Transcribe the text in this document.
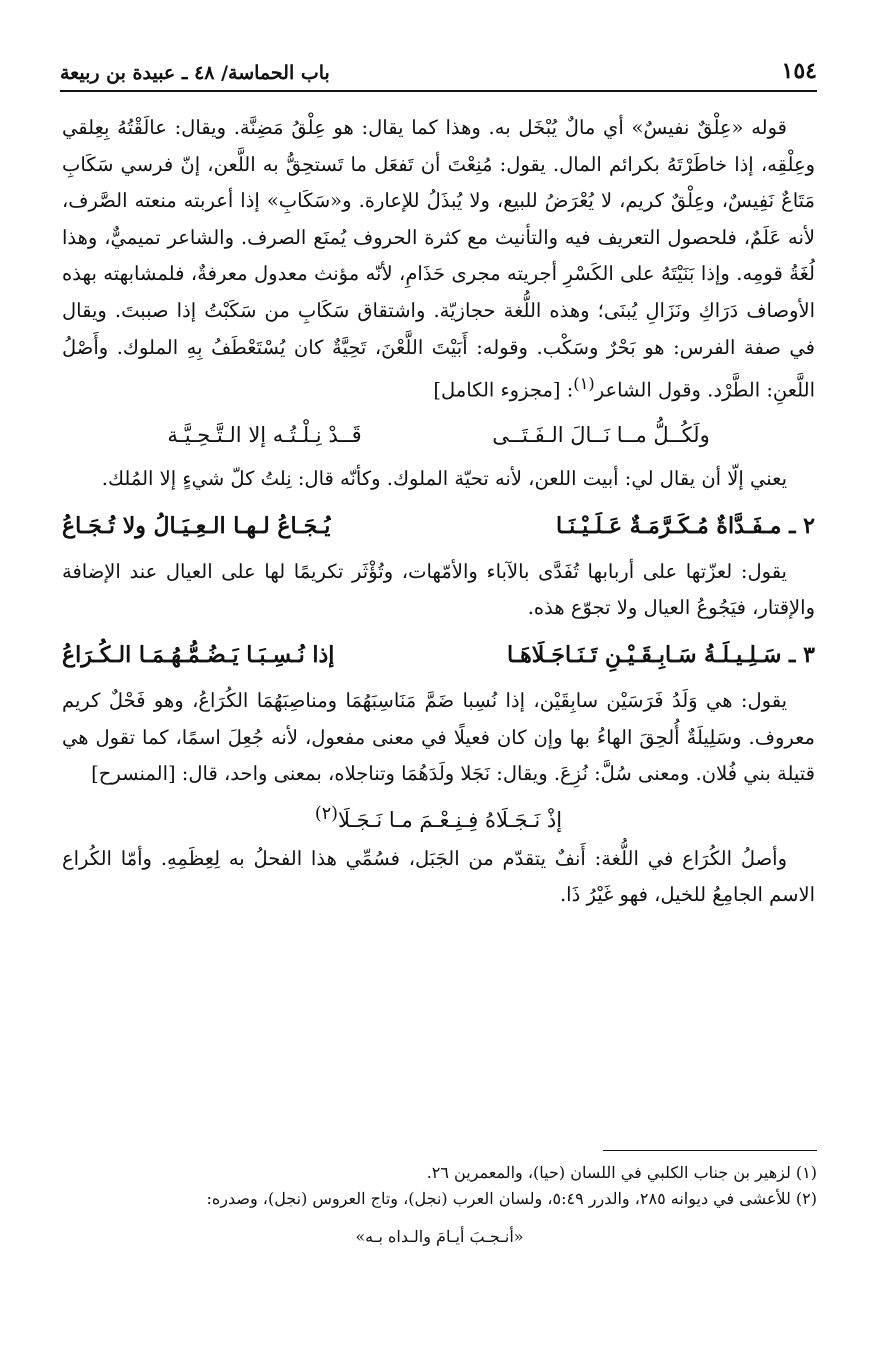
١٥٤
باب الحماسة/ ٤٨ ـ عبيدة بن ربيعة

قوله «عِلْقٌ نفيسٌ» أي مالٌ يُبْخَل به. وهذا كما يقال: هو عِلْقُ مَضِنَّة. ويقال: عالَقْتُهُ بِعِلقي وعِلْقِه، إذا خاطَرْتَهُ بكرائم المال. يقول: مُنِعْتَ أن تَفعَل ما تَستحِقُّ به اللَّعن، إنّ فرسي سَكَابِ مَتَاعٌ نَفِيسٌ، وعِلْقٌ كريم، لا يُعْرَضُ للبيع، ولا يُبذَلُ للإعارة. و«سَكَابِ» إذا أعربته منعته الصَّرف، لأنه عَلَمٌ، فلحصول التعريف فيه والتأنيث مع كثرة الحروف يُمنَع الصرف. والشاعر تميميٌّ، وهذا لُغَةُ قومِه. وإذا بَنَيْتَهُ على الكَسْرِ أجريته مجرى حَذَامِ، لأنّه مؤنث معدول معرفةٌ، فلمشابهته بهذه الأوصاف دَرَاكِ ونَزَالِ يُبنَى؛ وهذه اللُّغة حجازيّة. واشتقاق سَكَابِ من سَكَبْتُ إذا صببتَ. ويقال في صفة الفرس: هو بَحْرٌ وسَكْب. وقوله: أَبَيْتَ اللَّعْنَ، تَحِيَّةٌ كان يُسْتَعْطَفُ بِهِ الملوك. وأَصْلُ اللَّعنِ: الطَّرْد. وقول الشاعر$^{(١)}$: [مجزوء الكامل]

ولَكُــلُّ مــا نَــالَ الـفَـتَــى
قَــدْ نِـلْـتُـه إلا الـتَّـحِـيَّـة

يعني إلّا أن يقال لي: أبيت اللعن، لأنه تحيّة الملوك. وكأنّه قال: نِلتُ كلّ شيءٍ إلا المُلك.

٢ ـ مـفَـدَّاةٌ مُـكَـرَّمَـةٌ عَـلَـيْـنَـا
يُـجَـاعُ لـهـا الـعِـيَـالُ ولا تُـجَـاعُ

يقول: لعزّتها على أربابها تُفَدَّى بالآباء والأمّهات، وتُؤْثَر تكريمًا لها على العيال عند الإضافة والإقتار، فيَجُوعُ العيال ولا تجوّع هذه.

٣ ـ سَـلِـيـلَـةُ سَـابِـقَـيْـنِ تَـنَـاجَـلَاهَـا
إذا نُـسِـبَـا يَـضُـمُّـهُـمَـا الـكُـرَاعُ

يقول: هي وَلَدُ فَرَسَيْن سابِقَيْن، إذا نُسِبا ضَمَّ مَنَاسِبَهُمَا ومناصِبَهُمَا الكُرَاعُ، وهو فَحْلٌ كريم معروف. وسَلِيلَةٌ أُلحِقَ الهاءُ بها وإن كان فعيلًا في معنى مفعول، لأنه جُعِلَ اسمًا، كما تقول هي قتيلة بني فُلان. ومعنى سُلَّ: نُزِعَ. ويقال: نَجَلا ولَدَهُمَا وتناجلاه، بمعنى واحد، قال: [المنسرح]

إذْ نَـجَـلَاهُ فِـنِـعْـمَ مـا نَـجَـلَا$^{(٢)}$

وأصلُ الكُرَاع في اللُّغة: أَنفٌ يتقدّم من الجَبَل، فسُمِّي هذا الفحلُ به لِعِظَمِهِ. وأمّا الكُراع الاسم الجامِعُ للخيل، فهو غَيْرُ ذَا.

(١) لزهير بن جناب الكلبي في اللسان (حيا)، والمعمرين ٢٦.

(٢) للأعشى في ديوانه ٢٨٥، والدرر ٥:٤٩، ولسان العرب (نجل)، وتاج العروس (نجل)، وصدره:

«أنـجـبَ أيـامَ والـداه بـه»
